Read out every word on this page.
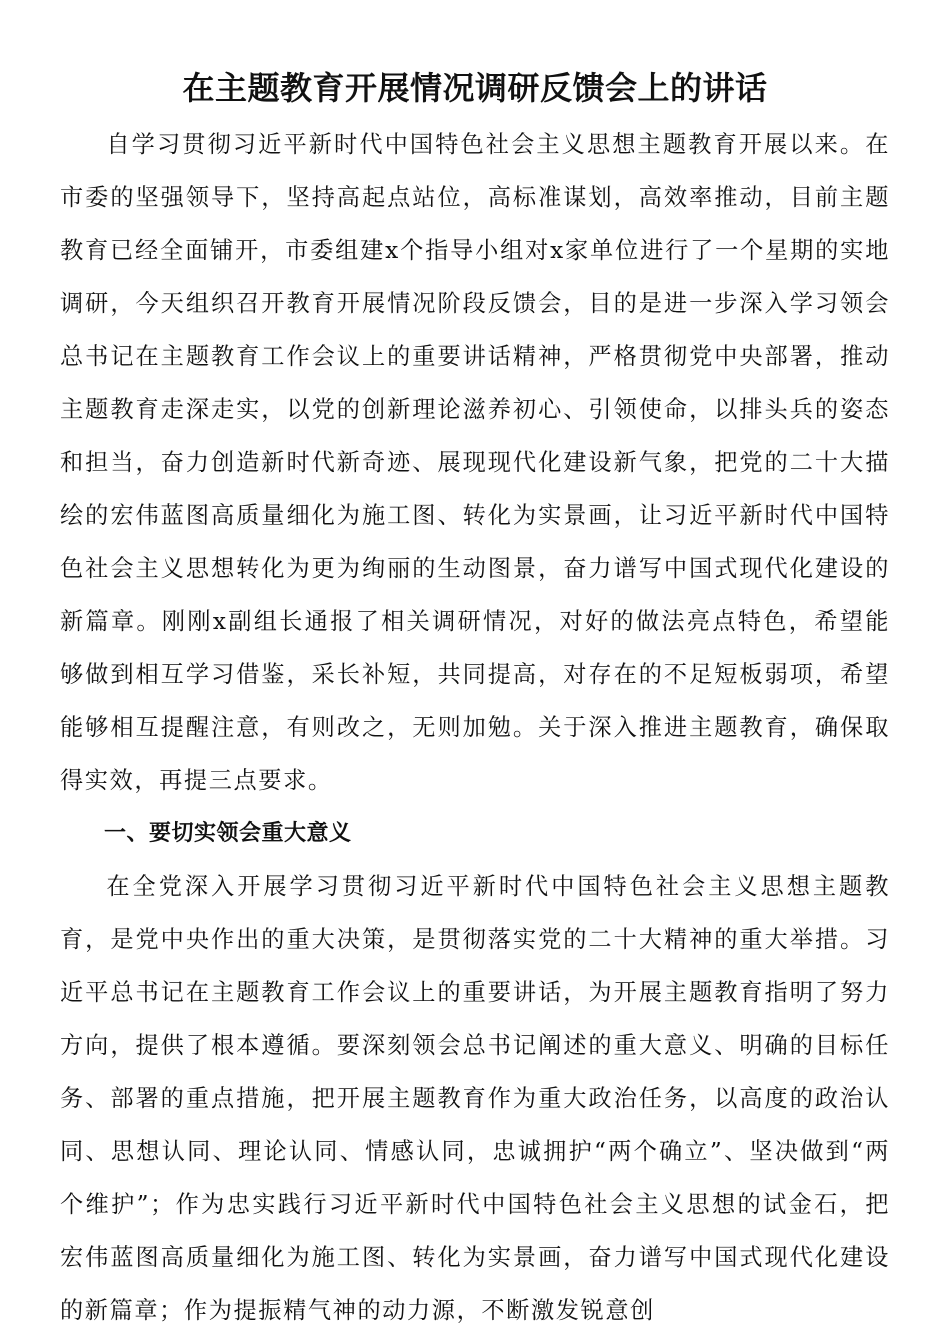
在主题教育开展情况调研反馈会上的讲话

自学习贯彻习近平新时代中国特色社会主义思想主题教育开展以来。在市委的坚强领导下，坚持高起点站位，高标准谋划，高效率推动，目前主题教育已经全面铺开，市委组建x个指导小组对x家单位进行了一个星期的实地调研，今天组织召开教育开展情况阶段反馈会，目的是进一步深入学习领会总书记在主题教育工作会议上的重要讲话精神，严格贯彻党中央部署，推动主题教育走深走实，以党的创新理论滋养初心、引领使命，以排头兵的姿态和担当，奋力创造新时代新奇迹、展现现代化建设新气象，把党的二十大描绘的宏伟蓝图高质量细化为施工图、转化为实景画，让习近平新时代中国特色社会主义思想转化为更为绚丽的生动图景，奋力谱写中国式现代化建设的新篇章。刚刚x副组长通报了相关调研情况，对好的做法亮点特色，希望能够做到相互学习借鉴，采长补短，共同提高，对存在的不足短板弱项，希望能够相互提醒注意，有则改之，无则加勉。关于深入推进主题教育，确保取得实效，再提三点要求。

一、要切实领会重大意义

在全党深入开展学习贯彻习近平新时代中国特色社会主义思想主题教育，是党中央作出的重大决策，是贯彻落实党的二十大精神的重大举措。习近平总书记在主题教育工作会议上的重要讲话，为开展主题教育指明了努力方向，提供了根本遵循。要深刻领会总书记阐述的重大意义、明确的目标任务、部署的重点措施，把开展主题教育作为重大政治任务，以高度的政治认同、思想认同、理论认同、情感认同，忠诚拥护“两个确立”、坚决做到“两个维护”；作为忠实践行习近平新时代中国特色社会主义思想的试金石，把宏伟蓝图高质量细化为施工图、转化为实景画，奋力谱写中国式现代化建设的新篇章；作为提振精气神的动力源，不断激发锐意创
